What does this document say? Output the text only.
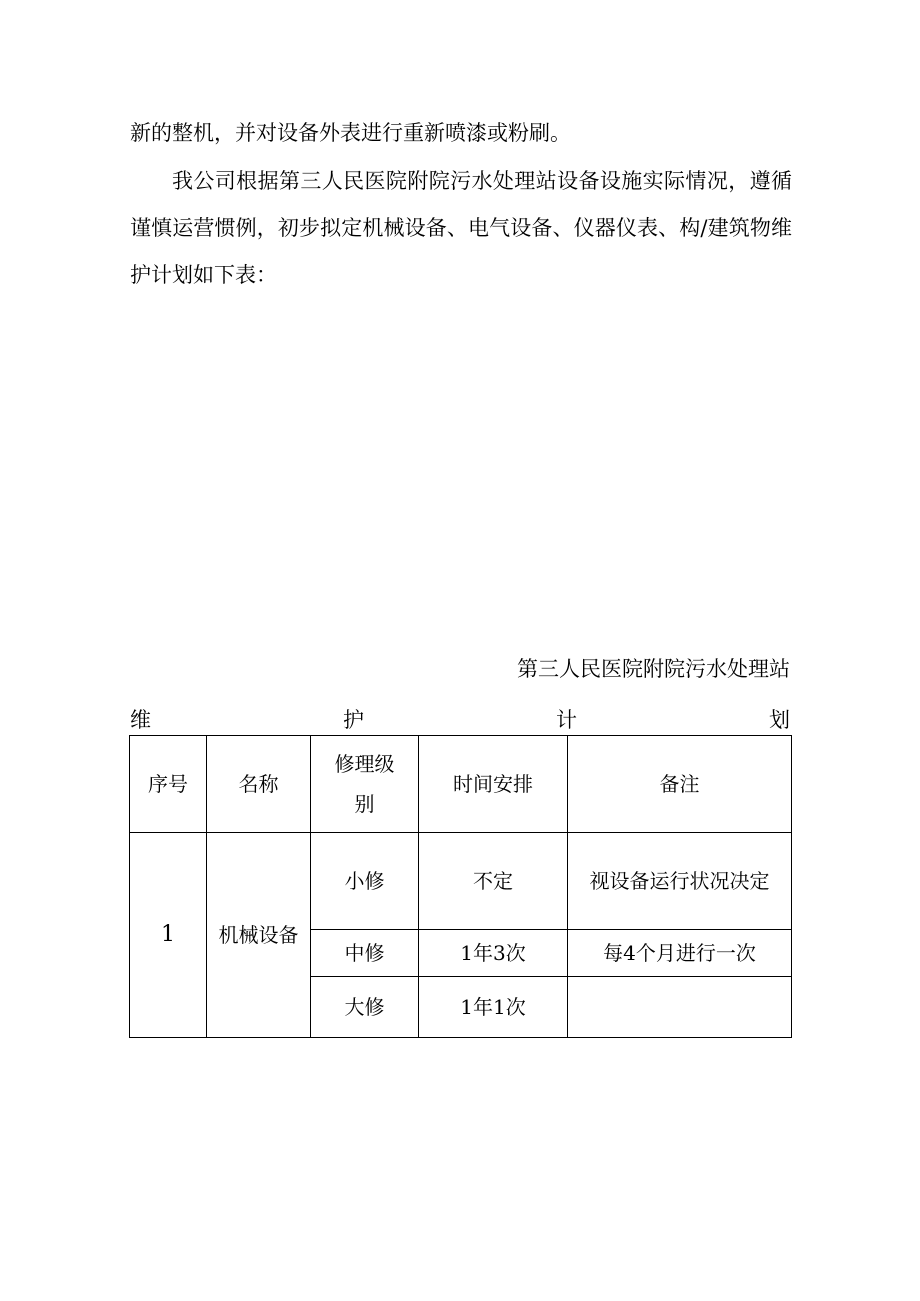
新的整机，并对设备外表进行重新喷漆或粉刷。

我公司根据第三人民医院附院污水处理站设备设施实际情况，遵循谨慎运营惯例，初步拟定机械设备、电气设备、仪器仪表、构/建筑物维护计划如下表：

第三人民医院附院污水处理站
维	护	计	划
序号	名称	修理级别	时间安排	备注
1	机械设备	小修	不定	视设备运行状况决定
		中修	1年3次	每4个月进行一次
		大修	1年1次	
